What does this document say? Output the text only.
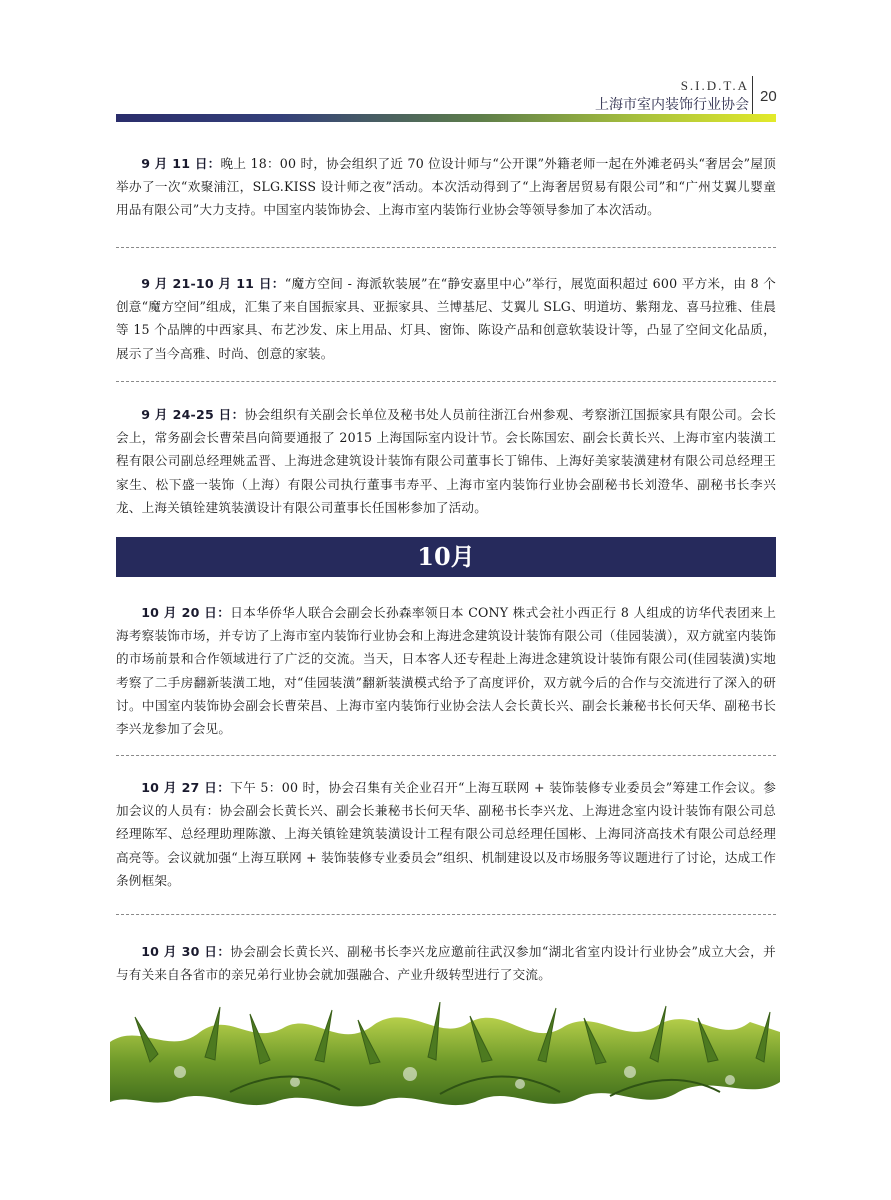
S.I.D.T.A
上海市室内装饰行业协会 20
9 月 11 日：晚上 18：00 时，协会组织了近 70 位设计师与“公开课”外籍老师一起在外滩老码头“奢居会”屋顶举办了一次“欢聚浦江，SLG.KISS 设计师之夜”活动。本次活动得到了“上海奢居贸易有限公司”和“广州艾翼儿婴童用品有限公司”大力支持。中国室内装饰协会、上海市室内装饰行业协会等领导参加了本次活动。
9 月 21-10 月 11 日：“魔方空间 - 海派软装展”在“静安嘉里中心”举行，展览面积超过 600 平方米，由 8 个创意“魔方空间”组成，汇集了来自国振家具、亚振家具、兰博基尼、艾翼儿 SLG、明道坊、紫翔龙、喜马拉雅、佳晨等 15 个品牌的中西家具、布艺沙发、床上用品、灯具、窗饰、陈设产品和创意软装设计等，凸显了空间文化品质，展示了当今高雅、时尚、创意的家装。
9 月 24-25 日：协会组织有关副会长单位及秘书处人员前往浙江台州参观、考察浙江国振家具有限公司。会长会上，常务副会长曹荣昌向简要通报了 2015 上海国际室内设计节。会长陈国宏、副会长黄长兴、上海市室内装潢工程有限公司副总经理姚孟晋、上海进念建筑设计装饰有限公司董事长丁锦伟、上海好美家装潢建材有限公司总经理王家生、松下盛一装饰（上海）有限公司执行董事韦寿平、上海市室内装饰行业协会副秘书长刘澄华、副秘书长李兴龙、上海关镇铨建筑装潢设计有限公司董事长任国彬参加了活动。
10月
10 月 20 日：日本华侨华人联合会副会长孙森率领日本 CONY 株式会社小西正行 8 人组成的访华代表团来上海考察装饰市场，并专访了上海市室内装饰行业协会和上海进念建筑设计装饰有限公司（佳园装潢），双方就室内装饰的市场前景和合作领域进行了广泛的交流。当天，日本客人还专程赴上海进念建筑设计装饰有限公司(佳园装潢)实地考察了二手房翻新装潢工地，对“佳园装潢”翻新装潢模式给予了高度评价，双方就今后的合作与交流进行了深入的研讨。中国室内装饰协会副会长曹荣昌、上海市室内装饰行业协会法人会长黄长兴、副会长兼秘书长何天华、副秘书长李兴龙参加了会见。
10 月 27 日：下午 5：00 时，协会召集有关企业召开“上海互联网 + 装饰装修专业委员会”筹建工作会议。参加会议的人员有：协会副会长黄长兴、副会长兼秘书长何天华、副秘书长李兴龙、上海进念室内设计装饰有限公司总经理陈军、总经理助理陈激、上海关镇铨建筑装潢设计工程有限公司总经理任国彬、上海同济高技术有限公司总经理高亮等。会议就加强“上海互联网 + 装饰装修专业委员会”组织、机制建设以及市场服务等议题进行了讨论，达成工作条例框架。
10 月 30 日：协会副会长黄长兴、副秘书长李兴龙应邀前往武汉参加“湖北省室内设计行业协会”成立大会，并与有关来自各省市的亲兄弟行业协会就加强融合、产业升级转型进行了交流。
